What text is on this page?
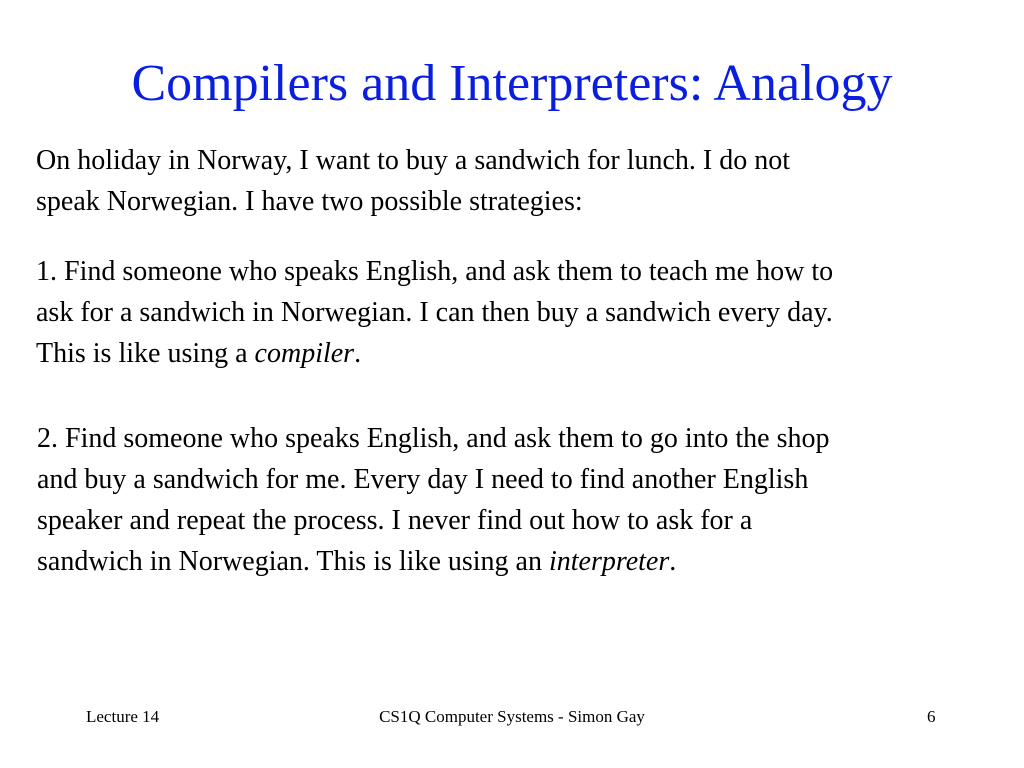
Compilers and Interpreters: Analogy

On holiday in Norway, I want to buy a sandwich for lunch. I do not
speak Norwegian. I have two possible strategies:

1. Find someone who speaks English, and ask them to teach me how to
ask for a sandwich in Norwegian. I can then buy a sandwich every day.
This is like using a compiler.

2. Find someone who speaks English, and ask them to go into the shop
and buy a sandwich for me. Every day I need to find another English
speaker and repeat the process. I never find out how to ask for a
sandwich in Norwegian. This is like using an interpreter.

Lecture 14	CS1Q Computer Systems - Simon Gay	6
